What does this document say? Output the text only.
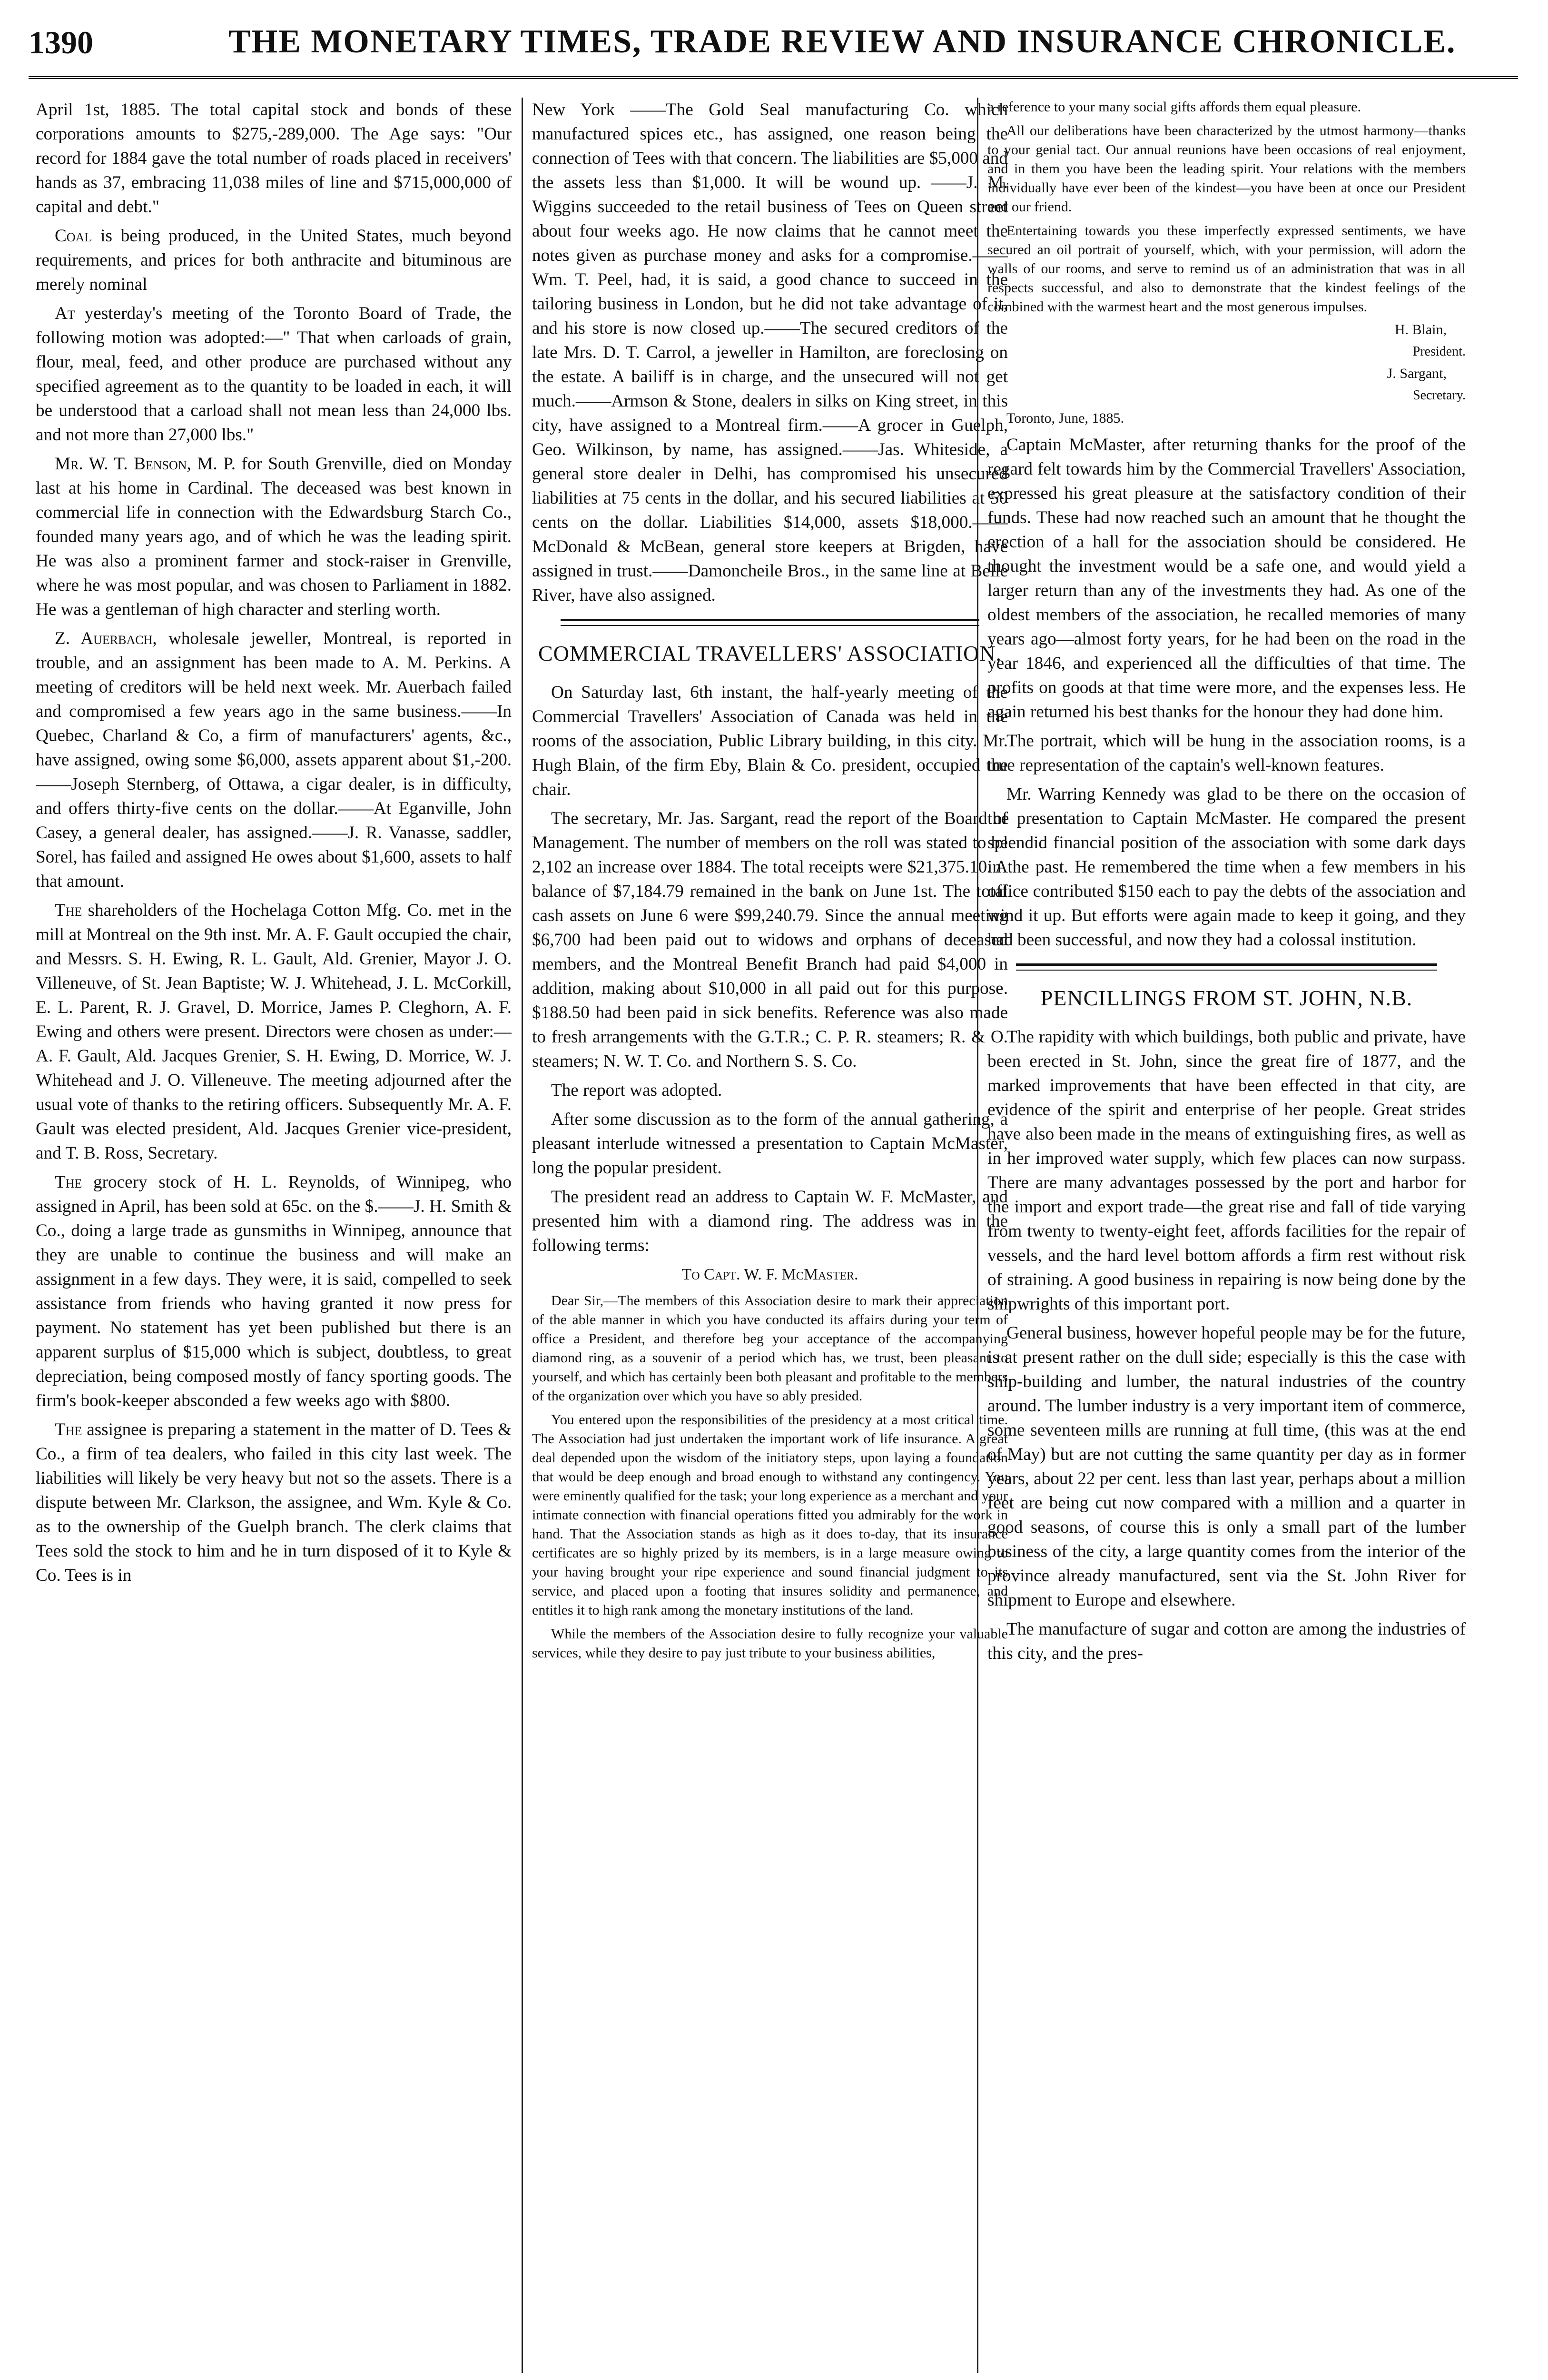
1390	THE MONETARY TIMES, TRADE REVIEW AND INSURANCE CHRONICLE.

April 1st, 1885. The total capital stock and bonds of these corporations amounts to $275,-289,000. The Age says: "Our record for 1884 gave the total number of roads placed in receivers' hands as 37, embracing 11,038 miles of line and $715,000,000 of capital and debt."

Coal is being produced, in the United States, much beyond requirements, and prices for both anthracite and bituminous are merely nominal

At yesterday's meeting of the Toronto Board of Trade, the following motion was adopted:—" That when carloads of grain, flour, meal, feed, and other produce are purchased without any specified agreement as to the quantity to be loaded in each, it will be understood that a carload shall not mean less than 24,000 lbs. and not more than 27,000 lbs."

Mr. W. T. Benson, M. P. for South Grenville, died on Monday last at his home in Cardinal. The deceased was best known in commercial life in connection with the Edwardsburg Starch Co., founded many years ago, and of which he was the leading spirit. He was also a prominent farmer and stock-raiser in Grenville, where he was most popular, and was chosen to Parliament in 1882. He was a gentleman of high character and sterling worth.

Z. Auerbach, wholesale jeweller, Montreal, is reported in trouble, and an assignment has been made to A. M. Perkins. A meeting of creditors will be held next week. Mr. Auerbach failed and compromised a few years ago in the same business.——In Quebec, Charland & Co, a firm of manufacturers' agents, &c., have assigned, owing some $6,000, assets apparent about $1,-200.——Joseph Sternberg, of Ottawa, a cigar dealer, is in difficulty, and offers thirty-five cents on the dollar.——At Eganville, John Casey, a general dealer, has assigned.——J. R. Vanasse, saddler, Sorel, has failed and assigned He owes about $1,600, assets to half that amount.

The shareholders of the Hochelaga Cotton Mfg. Co. met in the mill at Montreal on the 9th inst. Mr. A. F. Gault occupied the chair, and Messrs. S. H. Ewing, R. L. Gault, Ald. Grenier, Mayor J. O. Villeneuve, of St. Jean Baptiste; W. J. Whitehead, J. L. McCorkill, E. L. Parent, R. J. Gravel, D. Morrice, James P. Cleghorn, A. F. Ewing and others were present. Directors were chosen as under:—A. F. Gault, Ald. Jacques Grenier, S. H. Ewing, D. Morrice, W. J. Whitehead and J. O. Villeneuve. The meeting adjourned after the usual vote of thanks to the retiring officers. Subsequently Mr. A. F. Gault was elected president, Ald. Jacques Grenier vice-president, and T. B. Ross, Secretary.

The grocery stock of H. L. Reynolds, of Winnipeg, who assigned in April, has been sold at 65c. on the $.——J. H. Smith & Co., doing a large trade as gunsmiths in Winnipeg, announce that they are unable to continue the business and will make an assignment in a few days. They were, it is said, compelled to seek assistance from friends who having granted it now press for payment. No statement has yet been published but there is an apparent surplus of $15,000 which is subject, doubtless, to great depreciation, being composed mostly of fancy sporting goods. The firm's book-keeper absconded a few weeks ago with $800.

The assignee is preparing a statement in the matter of D. Tees & Co., a firm of tea dealers, who failed in this city last week. The liabilities will likely be very heavy but not so the assets. There is a dispute between Mr. Clarkson, the assignee, and Wm. Kyle & Co. as to the ownership of the Guelph branch. The clerk claims that Tees sold the stock to him and he in turn disposed of it to Kyle & Co. Tees is in

New York ——The Gold Seal manufacturing Co. which manufactured spices etc., has assigned, one reason being the connection of Tees with that concern. The liabilities are $5,000 and the assets less than $1,000. It will be wound up. ——J. M. Wiggins succeeded to the retail business of Tees on Queen street about four weeks ago. He now claims that he cannot meet the notes given as purchase money and asks for a compromise.——Wm. T. Peel, had, it is said, a good chance to succeed in the tailoring business in London, but he did not take advantage of it, and his store is now closed up.——The secured creditors of the late Mrs. D. T. Carrol, a jeweller in Hamilton, are foreclosing on the estate. A bailiff is in charge, and the unsecured will not get much.——Armson & Stone, dealers in silks on King street, in this city, have assigned to a Montreal firm.——A grocer in Guelph, Geo. Wilkinson, by name, has assigned.——Jas. Whiteside, a general store dealer in Delhi, has compromised his unsecured liabilities at 75 cents in the dollar, and his secured liabilities at 50 cents on the dollar. Liabilities $14,000, assets $18,000.——McDonald & McBean, general store keepers at Brigden, have assigned in trust.——Damoncheile Bros., in the same line at Belle River, have also assigned.

COMMERCIAL TRAVELLERS' ASSOCIATION.

On Saturday last, 6th instant, the half-yearly meeting of the Commercial Travellers' Association of Canada was held in the rooms of the association, Public Library building, in this city. Mr. Hugh Blain, of the firm Eby, Blain & Co. president, occupied the chair.

The secretary, Mr. Jas. Sargant, read the report of the Board of Management. The number of members on the roll was stated to be 2,102 an increase over 1884. The total receipts were $21,375.10. A balance of $7,184.79 remained in the bank on June 1st. The total cash assets on June 6 were $99,240.79. Since the annual meeting $6,700 had been paid out to widows and orphans of deceased members, and the Montreal Benefit Branch had paid $4,000 in addition, making about $10,000 in all paid out for this purpose. $188.50 had been paid in sick benefits. Reference was also made to fresh arrangements with the G.T.R.; C. P. R. steamers; R. & O. steamers; N. W. T. Co. and Northern S. S. Co.

The report was adopted.

After some discussion as to the form of the annual gathering, a pleasant interlude witnessed a presentation to Captain McMaster, long the popular president.

The president read an address to Captain W. F. McMaster, and presented him with a diamond ring. The address was in the following terms:

To Capt. W. F. McMaster.

Dear Sir,—The members of this Association desire to mark their appreciation of the able manner in which you have conducted its affairs during your term of office a President, and therefore beg your acceptance of the accompanying diamond ring, as a souvenir of a period which has, we trust, been pleasant to yourself, and which has certainly been both pleasant and profitable to the members of the organization over which you have so ably presided.

You entered upon the responsibilities of the presidency at a most critical time. The Association had just undertaken the important work of life insurance. A great deal depended upon the wisdom of the initiatory steps, upon laying a foundation that would be deep enough and broad enough to withstand any contingency. You were eminently qualified for the task; your long experience as a merchant and your intimate connection with financial operations fitted you admirably for the work in hand. That the Association stands as high as it does to-day, that its insurance certificates are so highly prized by its members, is in a large measure owing to your having brought your ripe experience and sound financial judgment to its service, and placed upon a footing that insures solidity and permanence, and entitles it to high rank among the monetary institutions of the land.

While the members of the Association desire to fully recognize your valuable services, while they desire to pay just tribute to your business abilities,

a reference to your many social gifts affords them equal pleasure.

All our deliberations have been characterized by the utmost harmony—thanks to your genial tact. Our annual reunions have been occasions of real enjoyment, and in them you have been the leading spirit. Your relations with the members individually have ever been of the kindest—you have been at once our President and our friend.

Entertaining towards you these imperfectly expressed sentiments, we have secured an oil portrait of yourself, which, with your permission, will adorn the walls of our rooms, and serve to remind us of an administration that was in all respects successful, and also to demonstrate that the kindest feelings of the combined with the warmest heart and the most generous impulses.

H. Blain,

President.

J. Sargant,

Secretary.

Toronto, June, 1885.

Captain McMaster, after returning thanks for the proof of the regard felt towards him by the Commercial Travellers' Association, expressed his great pleasure at the satisfactory condition of their funds. These had now reached such an amount that he thought the erection of a hall for the association should be considered. He thought the investment would be a safe one, and would yield a larger return than any of the investments they had. As one of the oldest members of the association, he recalled memories of many years ago—almost forty years, for he had been on the road in the year 1846, and experienced all the difficulties of that time. The profits on goods at that time were more, and the expenses less. He again returned his best thanks for the honour they had done him.

The portrait, which will be hung in the association rooms, is a true representation of the captain's well-known features.

Mr. Warring Kennedy was glad to be there on the occasion of the presentation to Captain McMaster. He compared the present splendid financial position of the association with some dark days in the past. He remembered the time when a few members in his office contributed $150 each to pay the debts of the association and wind it up. But efforts were again made to keep it going, and they had been successful, and now they had a colossal institution.

PENCILLINGS FROM ST. JOHN, N.B.

The rapidity with which buildings, both public and private, have been erected in St. John, since the great fire of 1877, and the marked improvements that have been effected in that city, are evidence of the spirit and enterprise of her people. Great strides have also been made in the means of extinguishing fires, as well as in her improved water supply, which few places can now surpass. There are many advantages possessed by the port and harbor for the import and export trade—the great rise and fall of tide varying from twenty to twenty-eight feet, affords facilities for the repair of vessels, and the hard level bottom affords a firm rest without risk of straining. A good business in repairing is now being done by the shipwrights of this important port.

General business, however hopeful people may be for the future, is at present rather on the dull side; especially is this the case with ship-building and lumber, the natural industries of the country around. The lumber industry is a very important item of commerce, some seventeen mills are running at full time, (this was at the end of May) but are not cutting the same quantity per day as in former years, about 22 per cent. less than last year, perhaps about a million feet are being cut now compared with a million and a quarter in good seasons, of course this is only a small part of the lumber business of the city, a large quantity comes from the interior of the province already manufactured, sent via the St. John River for shipment to Europe and elsewhere.

The manufacture of sugar and cotton are among the industries of this city, and the pres-
